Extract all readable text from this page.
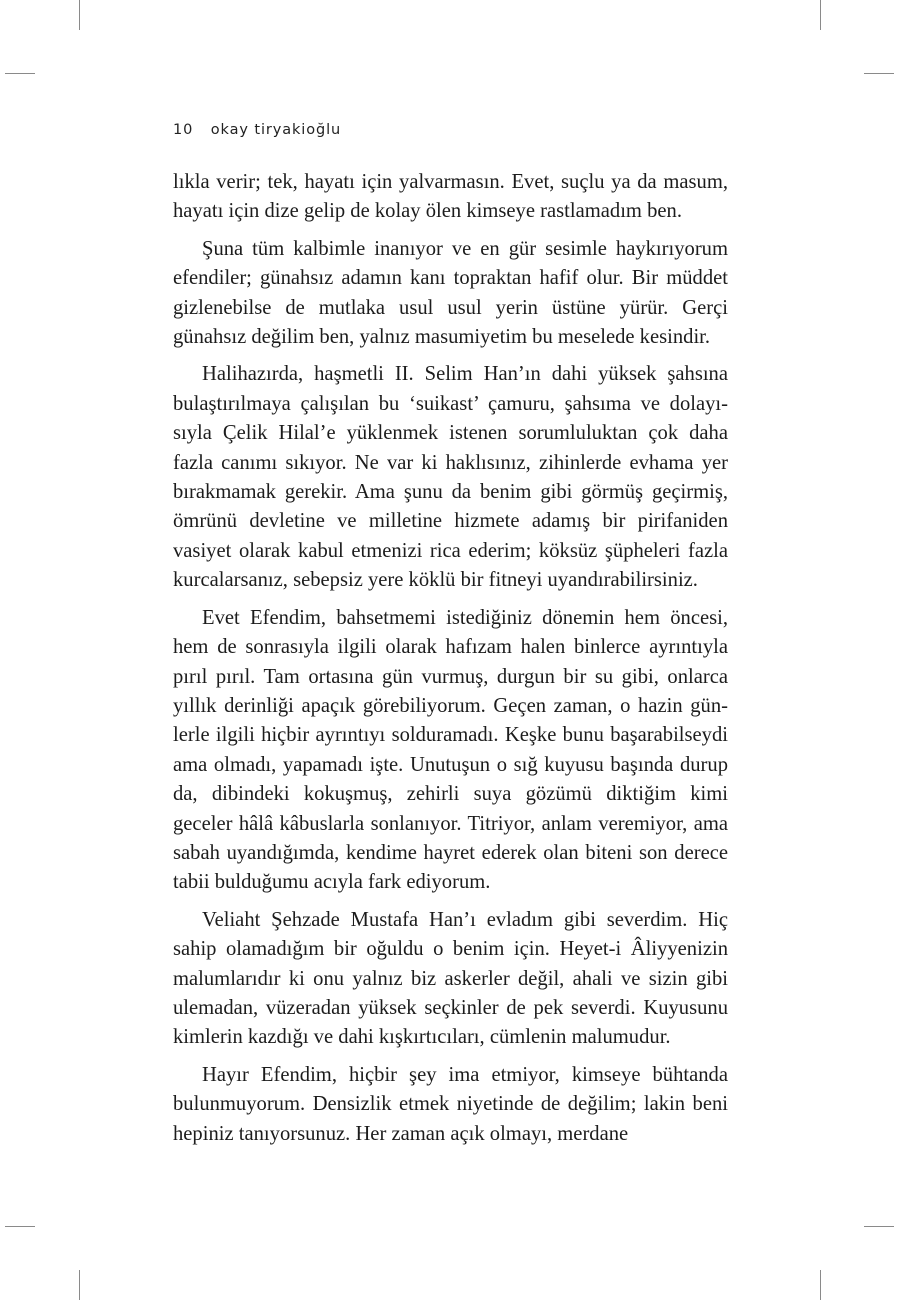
10 okay tiryakioğlu

lıkla verir; tek, hayatı için yalvarmasın. Evet, suçlu ya da masum, hayatı için dize gelip de kolay ölen kimseye rastlamadım ben.

Şuna tüm kalbimle inanıyor ve en gür sesimle haykırıyorum efendiler; günahsız adamın kanı topraktan hafif olur. Bir müddet gizlenebilse de mutlaka usul usul yerin üstüne yürür. Gerçi günahsız değilim ben, yalnız masumiyetim bu meselede kesindir.

Halihazırda, haşmetli II. Selim Han’ın dahi yüksek şahsına bulaştırılmaya çalışılan bu ‘suikast’ çamuru, şahsıma ve dolayısıyla Çelik Hilal’e yüklenmek istenen sorumluluktan çok daha fazla canımı sıkıyor. Ne var ki haklısınız, zihinlerde evhama yer bırakmamak gerekir. Ama şunu da benim gibi görmüş geçirmiş, ömrünü devletine ve milletine hizmete adamış bir pirifaniden vasiyet olarak kabul etmenizi rica ederim; köksüz şüpheleri fazla kurcalarsanız, sebepsiz yere köklü bir fitneyi uyandırabilirsiniz.

Evet Efendim, bahsetmemi istediğiniz dönemin hem öncesi, hem de sonrasıyla ilgili olarak hafızam halen binlerce ayrıntıyla pırıl pırıl. Tam ortasına gün vurmuş, durgun bir su gibi, onlarca yıllık derinliği apaçık görebiliyorum. Geçen zaman, o hazin günlerle ilgili hiçbir ayrıntıyı solduramadı. Keşke bunu başarabilseydi ama olmadı, yapamadı işte. Unutuşun o sığ kuyusu başında durup da, dibindeki kokuşmuş, zehirli suya gözümü diktiğim kimi geceler hâlâ kâbuslarla sonlanıyor. Titriyor, anlam veremiyor, ama sabah uyandığımda, kendime hayret ederek olan biteni son derece tabii bulduğumu acıyla fark ediyorum.

Veliaht Şehzade Mustafa Han’ı evladım gibi severdim. Hiç sahip olamadığım bir oğuldu o benim için. Heyet-i Âliyyenizin malumlarıdır ki onu yalnız biz askerler değil, ahali ve sizin gibi ulemadan, vüzeradan yüksek seçkinler de pek severdi. Kuyusunu kimlerin kazdığı ve dahi kışkırtıcıları, cümlenin malumudur.

Hayır Efendim, hiçbir şey ima etmiyor, kimseye bühtanda bulunmuyorum. Densizlik etmek niyetinde de değilim; lakin beni hepiniz tanıyorsunuz. Her zaman açık olmayı, merdane
